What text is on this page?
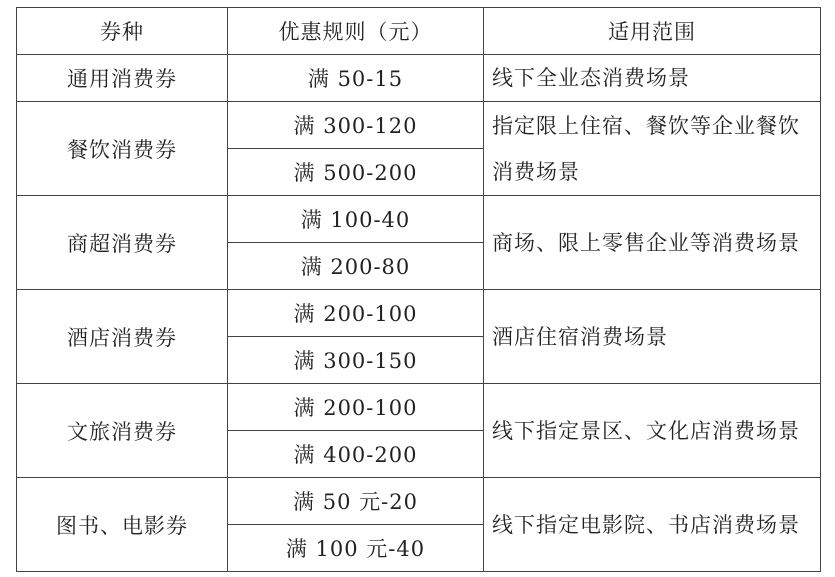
券种	优惠规则（元）	适用范围
通用消费券	满 50-15	线下全业态消费场景
餐饮消费券	满 300-120	指定限上住宿、餐饮等企业餐饮消费场景
	满 500-200	
商超消费券	满 100-40	商场、限上零售企业等消费场景
	满 200-80	
酒店消费券	满 200-100	酒店住宿消费场景
	满 300-150	
文旅消费券	满 200-100	线下指定景区、文化店消费场景
	满 400-200	
图书、电影券	满 50 元-20	线下指定电影院、书店消费场景
	满 100 元-40	
